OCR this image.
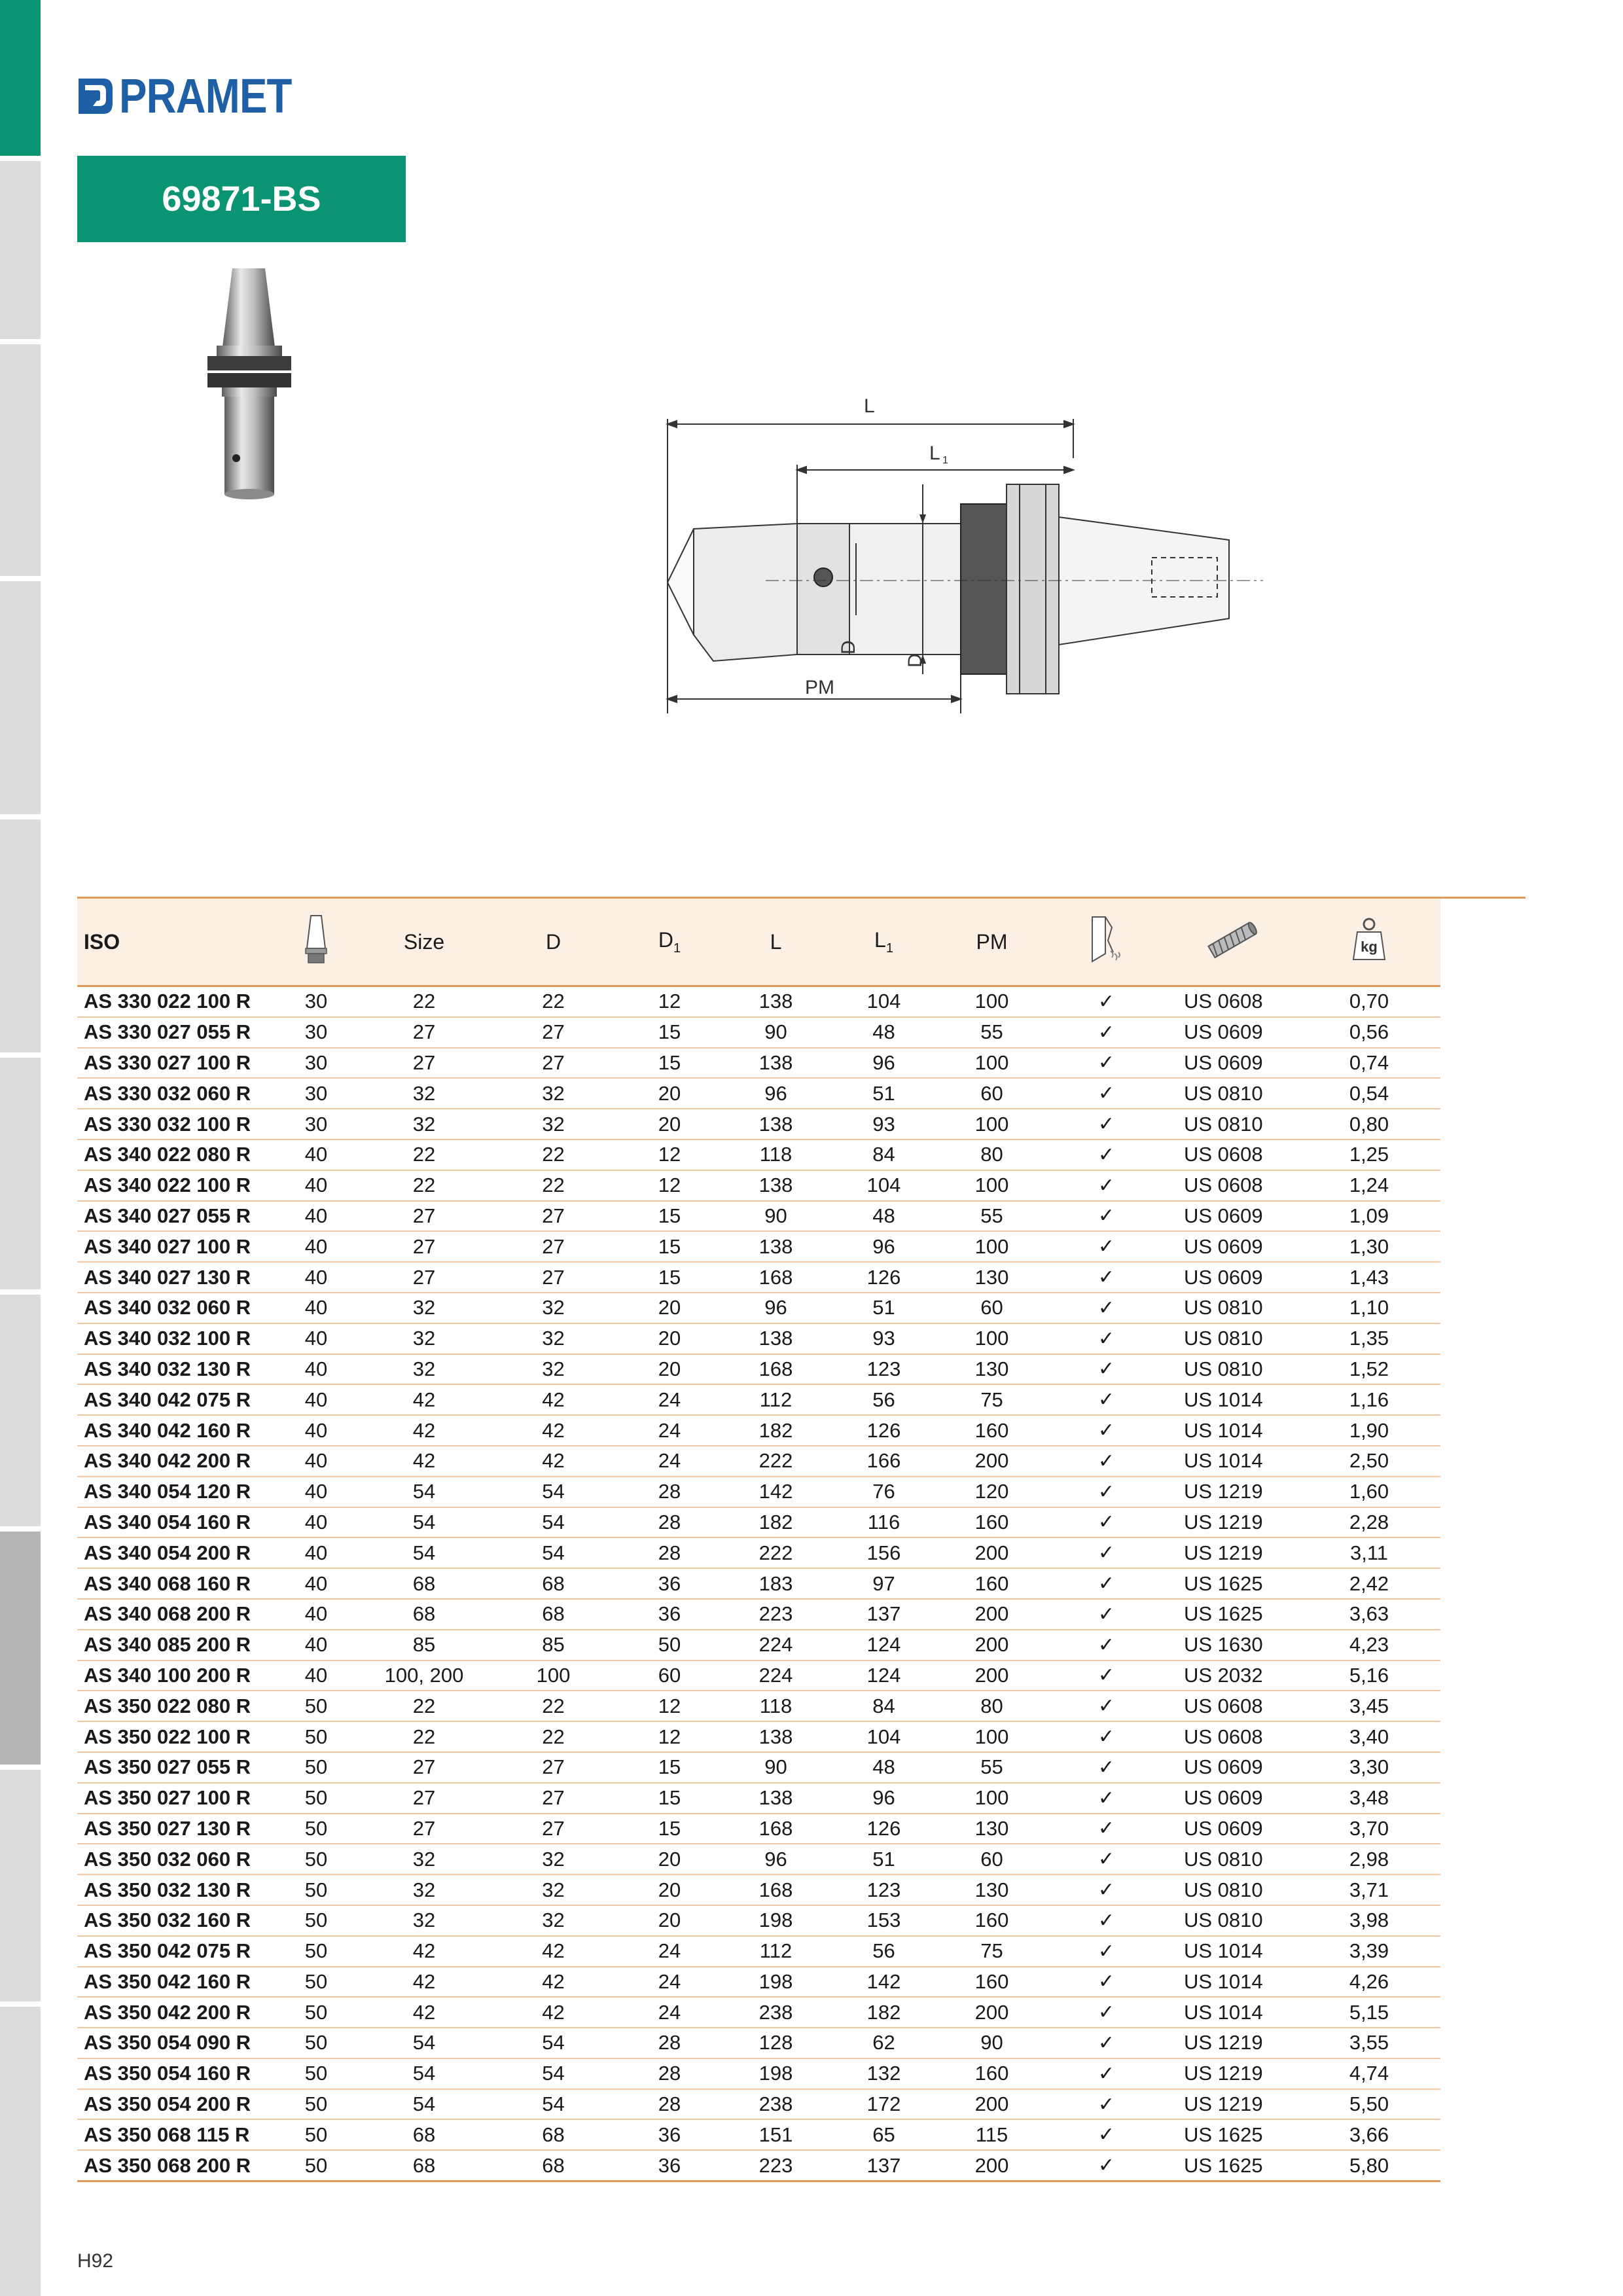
PRAMET
69871-BS
L
L 1
PM
D
D
ISO		Size	D	$D_1$	L	$L_1$	PM			kg

AS 330 022 100 R	30	22	22	12	138	104	100	✓	US 0608	0,70
AS 330 027 055 R	30	27	27	15	90	48	55	✓	US 0609	0,56
AS 330 027 100 R	30	27	27	15	138	96	100	✓	US 0609	0,74
AS 330 032 060 R	30	32	32	20	96	51	60	✓	US 0810	0,54
AS 330 032 100 R	30	32	32	20	138	93	100	✓	US 0810	0,80
AS 340 022 080 R	40	22	22	12	118	84	80	✓	US 0608	1,25
AS 340 022 100 R	40	22	22	12	138	104	100	✓	US 0608	1,24
AS 340 027 055 R	40	27	27	15	90	48	55	✓	US 0609	1,09
AS 340 027 100 R	40	27	27	15	138	96	100	✓	US 0609	1,30
AS 340 027 130 R	40	27	27	15	168	126	130	✓	US 0609	1,43
AS 340 032 060 R	40	32	32	20	96	51	60	✓	US 0810	1,10
AS 340 032 100 R	40	32	32	20	138	93	100	✓	US 0810	1,35
AS 340 032 130 R	40	32	32	20	168	123	130	✓	US 0810	1,52
AS 340 042 075 R	40	42	42	24	112	56	75	✓	US 1014	1,16
AS 340 042 160 R	40	42	42	24	182	126	160	✓	US 1014	1,90
AS 340 042 200 R	40	42	42	24	222	166	200	✓	US 1014	2,50
AS 340 054 120 R	40	54	54	28	142	76	120	✓	US 1219	1,60
AS 340 054 160 R	40	54	54	28	182	116	160	✓	US 1219	2,28
AS 340 054 200 R	40	54	54	28	222	156	200	✓	US 1219	3,11
AS 340 068 160 R	40	68	68	36	183	97	160	✓	US 1625	2,42
AS 340 068 200 R	40	68	68	36	223	137	200	✓	US 1625	3,63
AS 340 085 200 R	40	85	85	50	224	124	200	✓	US 1630	4,23
AS 340 100 200 R	40	100, 200	100	60	224	124	200	✓	US 2032	5,16
AS 350 022 080 R	50	22	22	12	118	84	80	✓	US 0608	3,45
AS 350 022 100 R	50	22	22	12	138	104	100	✓	US 0608	3,40
AS 350 027 055 R	50	27	27	15	90	48	55	✓	US 0609	3,30
AS 350 027 100 R	50	27	27	15	138	96	100	✓	US 0609	3,48
AS 350 027 130 R	50	27	27	15	168	126	130	✓	US 0609	3,70
AS 350 032 060 R	50	32	32	20	96	51	60	✓	US 0810	2,98
AS 350 032 130 R	50	32	32	20	168	123	130	✓	US 0810	3,71
AS 350 032 160 R	50	32	32	20	198	153	160	✓	US 0810	3,98
AS 350 042 075 R	50	42	42	24	112	56	75	✓	US 1014	3,39
AS 350 042 160 R	50	42	42	24	198	142	160	✓	US 1014	4,26
AS 350 042 200 R	50	42	42	24	238	182	200	✓	US 1014	5,15
AS 350 054 090 R	50	54	54	28	128	62	90	✓	US 1219	3,55
AS 350 054 160 R	50	54	54	28	198	132	160	✓	US 1219	4,74
AS 350 054 200 R	50	54	54	28	238	172	200	✓	US 1219	5,50
AS 350 068 115 R	50	68	68	36	151	65	115	✓	US 1625	3,66
AS 350 068 200 R	50	68	68	36	223	137	200	✓	US 1625	5,80
H92
